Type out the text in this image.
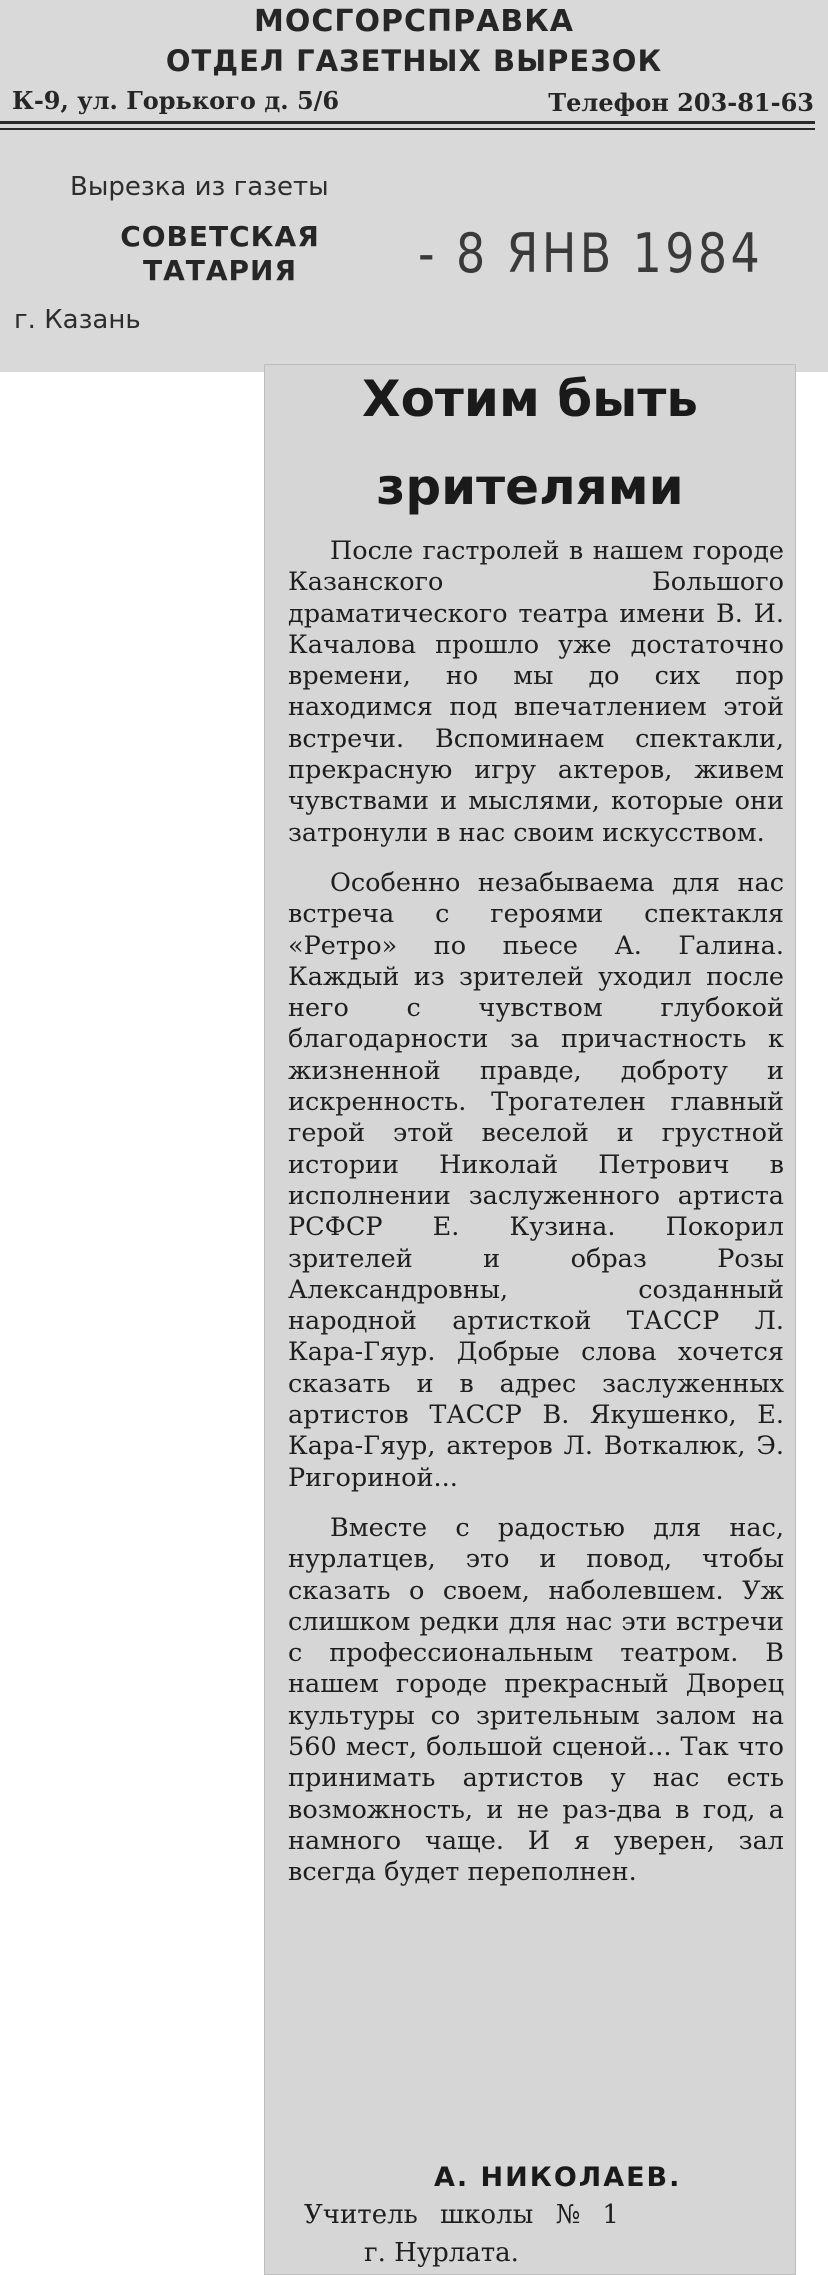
МОСГОРСПРАВКА
ОТДЕЛ ГАЗЕТНЫХ ВЫРЕЗОК
К-9, ул. Горького д. 5/6	Телефон 203-81-63
Вырезка из газеты
СОВЕТСКАЯ
ТАТАРИЯ
г. Казань
- 8 ЯНВ 1984
Хотим быть
зрителями

После гастролей в нашем городе Казанского Большого драматического театра имени В. И. Качалова прошло уже достаточно времени, но мы до сих пор находимся под впечатлением этой встречи. Вспоминаем спектакли, прекрасную игру актеров, живем чувствами и мыслями, которые они затронули в нас своим искусством.

Особенно незабываема для нас встреча с героями спектакля «Ретро» по пьесе А. Галина. Каждый из зрителей уходил после него с чувством глубокой благодарности за причастность к жизненной правде, доброту и искренность. Трогателен главный герой этой веселой и грустной истории Николай Петрович в исполнении заслуженного артиста РСФСР Е. Кузина. Покорил зрителей и образ Розы Александровны, созданный народной артисткой ТАССР Л. Кара-Гяур. Добрые слова хочется сказать и в адрес заслуженных артистов ТАССР В. Якушенко, Е. Кара-Гяур, актеров Л. Воткалюк, Э. Ригориной...

Вместе с радостью для нас, нурлатцев, это и повод, чтобы сказать о своем, наболевшем. Уж слишком редки для нас эти встречи с профессиональным театром. В нашем городе прекрасный Дворец культуры со зрительным залом на 560 мест, большой сценой... Так что принимать артистов у нас есть возможность, и не раз-два в год, а намного чаще. И я уверен, зал всегда будет переполнен.

А. НИКОЛАЕВ.
Учитель школы № 1
г. Нурлата.
